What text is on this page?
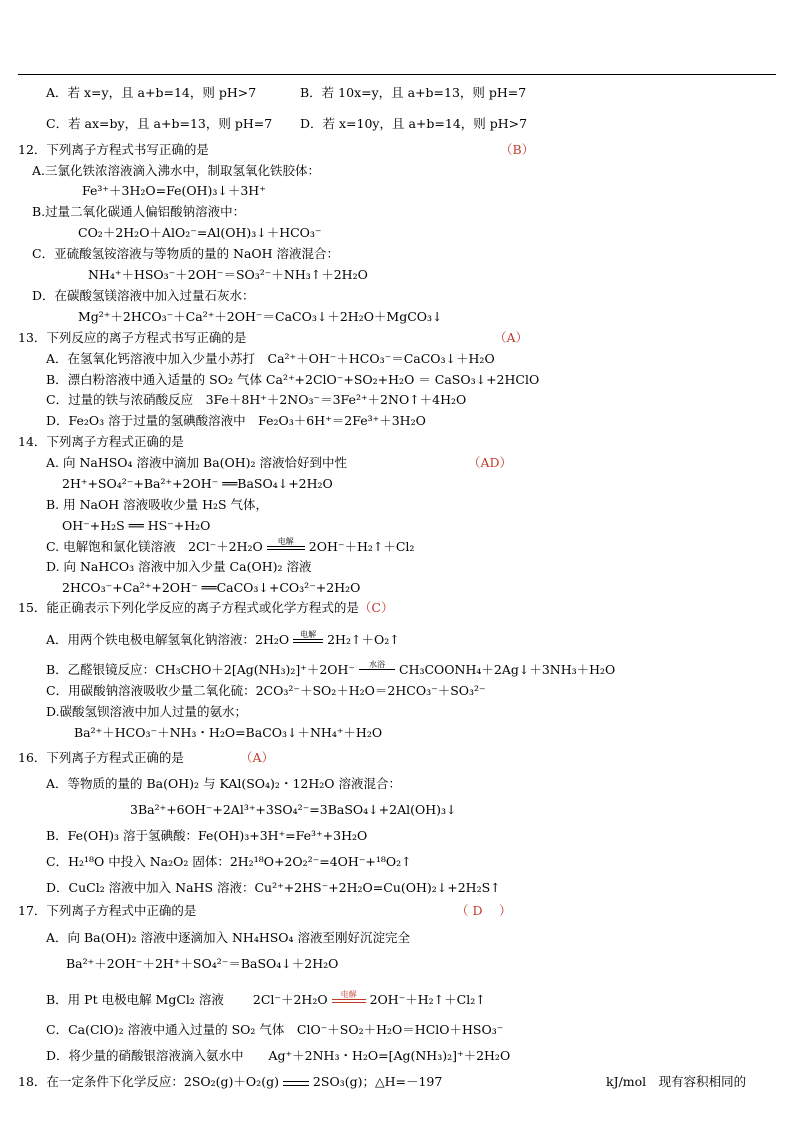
A．若 x=y，且 a+b=14，则 pH>7	B．若 10x=y，且 a+b=13，则 pH=7
C．若 ax=by，且 a+b=13，则 pH=7 D．若 x=10y，且 a+b=14，则 pH>7
12．下列离子方程式书写正确的是	（B）
A.三氯化铁浓溶液滴入沸水中，制取氢氧化铁胶体：
Fe³⁺＋3H₂O=Fe(OH)₃↓＋3H⁺
B.过量二氧化碳通人偏铝酸钠溶液中：
CO₂＋2H₂O＋AlO₂⁻=Al(OH)₃↓＋HCO₃⁻
C．亚硫酸氢铵溶液与等物质的量的 NaOH 溶液混合：
NH₄⁺＋HSO₃⁻＋2OH⁻＝SO₃²⁻＋NH₃↑＋2H₂O
D．在碳酸氢镁溶液中加入过量石灰水：
Mg²⁺＋2HCO₃⁻＋Ca²⁺＋2OH⁻＝CaCO₃↓＋2H₂O＋MgCO₃↓
13．下列反应的离子方程式书写正确的是	（A）
A．在氢氧化钙溶液中加入少量小苏打　Ca²⁺＋OH⁻＋HCO₃⁻＝CaCO₃↓＋H₂O
B．漂白粉溶液中通入适量的 SO₂ 气体 Ca²⁺+2ClO⁻+SO₂+H₂O ＝ CaSO₃↓+2HClO
C．过量的铁与浓硝酸反应　3Fe＋8H⁺＋2NO₃⁻＝3Fe²⁺＋2NO↑＋4H₂O
D．Fe₂O₃ 溶于过量的氢碘酸溶液中　Fe₂O₃＋6H⁺＝2Fe³⁺＋3H₂O
14．下列离子方程式正确的是
A. 向 NaHSO₄ 溶液中滴加 Ba(OH)₂ 溶液恰好到中性	（AD）
2H⁺+SO₄²⁻+Ba²⁺+2OH⁻ ══BaSO₄↓+2H₂O
B. 用 NaOH 溶液吸收少量 H₂S 气体，
OH⁻+H₂S ══ HS⁻+H₂O
C. 电解饱和氯化镁溶液　2Cl⁻＋2H₂O	电解	2OH⁻＋H₂↑＋Cl₂
D. 向 NaHCO₃ 溶液中加入少量 Ca(OH)₂ 溶液
2HCO₃⁻+Ca²⁺+2OH⁻ ══CaCO₃↓+CO₃²⁻+2H₂O
15．能正确表示下列化学反应的离子方程式或化学方程式的是（C）
A．用两个铁电极电解氢氧化钠溶液：2H₂O	电解 2H₂↑＋O₂↑
B．乙醛银镜反应：CH₃CHO＋2[Ag(NH₃)₂]⁺＋2OH⁻	水浴	CH₃COONH₄＋2Ag↓＋3NH₃＋H₂O
C．用碳酸钠溶液吸收少量二氧化硫：2CO₃²⁻＋SO₂＋H₂O＝2HCO₃⁻＋SO₃²⁻
D.碳酸氢钡溶液中加人过量的氨水；
Ba²⁺＋HCO₃⁻＋NH₃・H₂O=BaCO₃↓＋NH₄⁺＋H₂O
16．下列离子方程式正确的是	（A）
A．等物质的量的 Ba(OH)₂ 与 KAl(SO₄)₂・12H₂O 溶液混合：
3Ba²⁺+6OH⁻+2Al³⁺+3SO₄²⁻=3BaSO₄↓+2Al(OH)₃↓
B．Fe(OH)₃ 溶于氢碘酸：Fe(OH)₃+3H⁺=Fe³⁺+3H₂O
C．H₂¹⁸O 中投入 Na₂O₂ 固体：2H₂¹⁸O+2O₂²⁻=4OH⁻+¹⁸O₂↑
D．CuCl₂ 溶液中加入 NaHS 溶液：Cu²⁺+2HS⁻+2H₂O=Cu(OH)₂↓+2H₂S↑
17．下列离子方程式中正确的是	（ D　 ）
A．向 Ba(OH)₂ 溶液中逐滴加入 NH₄HSO₄ 溶液至刚好沉淀完全
Ba²⁺＋2OH⁻＋2H⁺＋SO₄²⁻＝BaSO₄↓＋2H₂O
B．用 Pt 电极电解 MgCl₂ 溶液　　 2Cl⁻＋2H₂O	电解	2OH⁻＋H₂↑＋Cl₂↑
C．Ca(ClO)₂ 溶液中通入过量的 SO₂ 气体　ClO⁻＋SO₂＋H₂O＝HClO＋HSO₃⁻
D．将少量的硝酸银溶液滴入氨水中　　Ag⁺＋2NH₃・H₂O=[Ag(NH₃)₂]⁺＋2H₂O
18．在一定条件下化学反应：2SO₂(g)＋O₂(g)	2SO₃(g)；△H=－197	kJ/mol　现有容积相同的
